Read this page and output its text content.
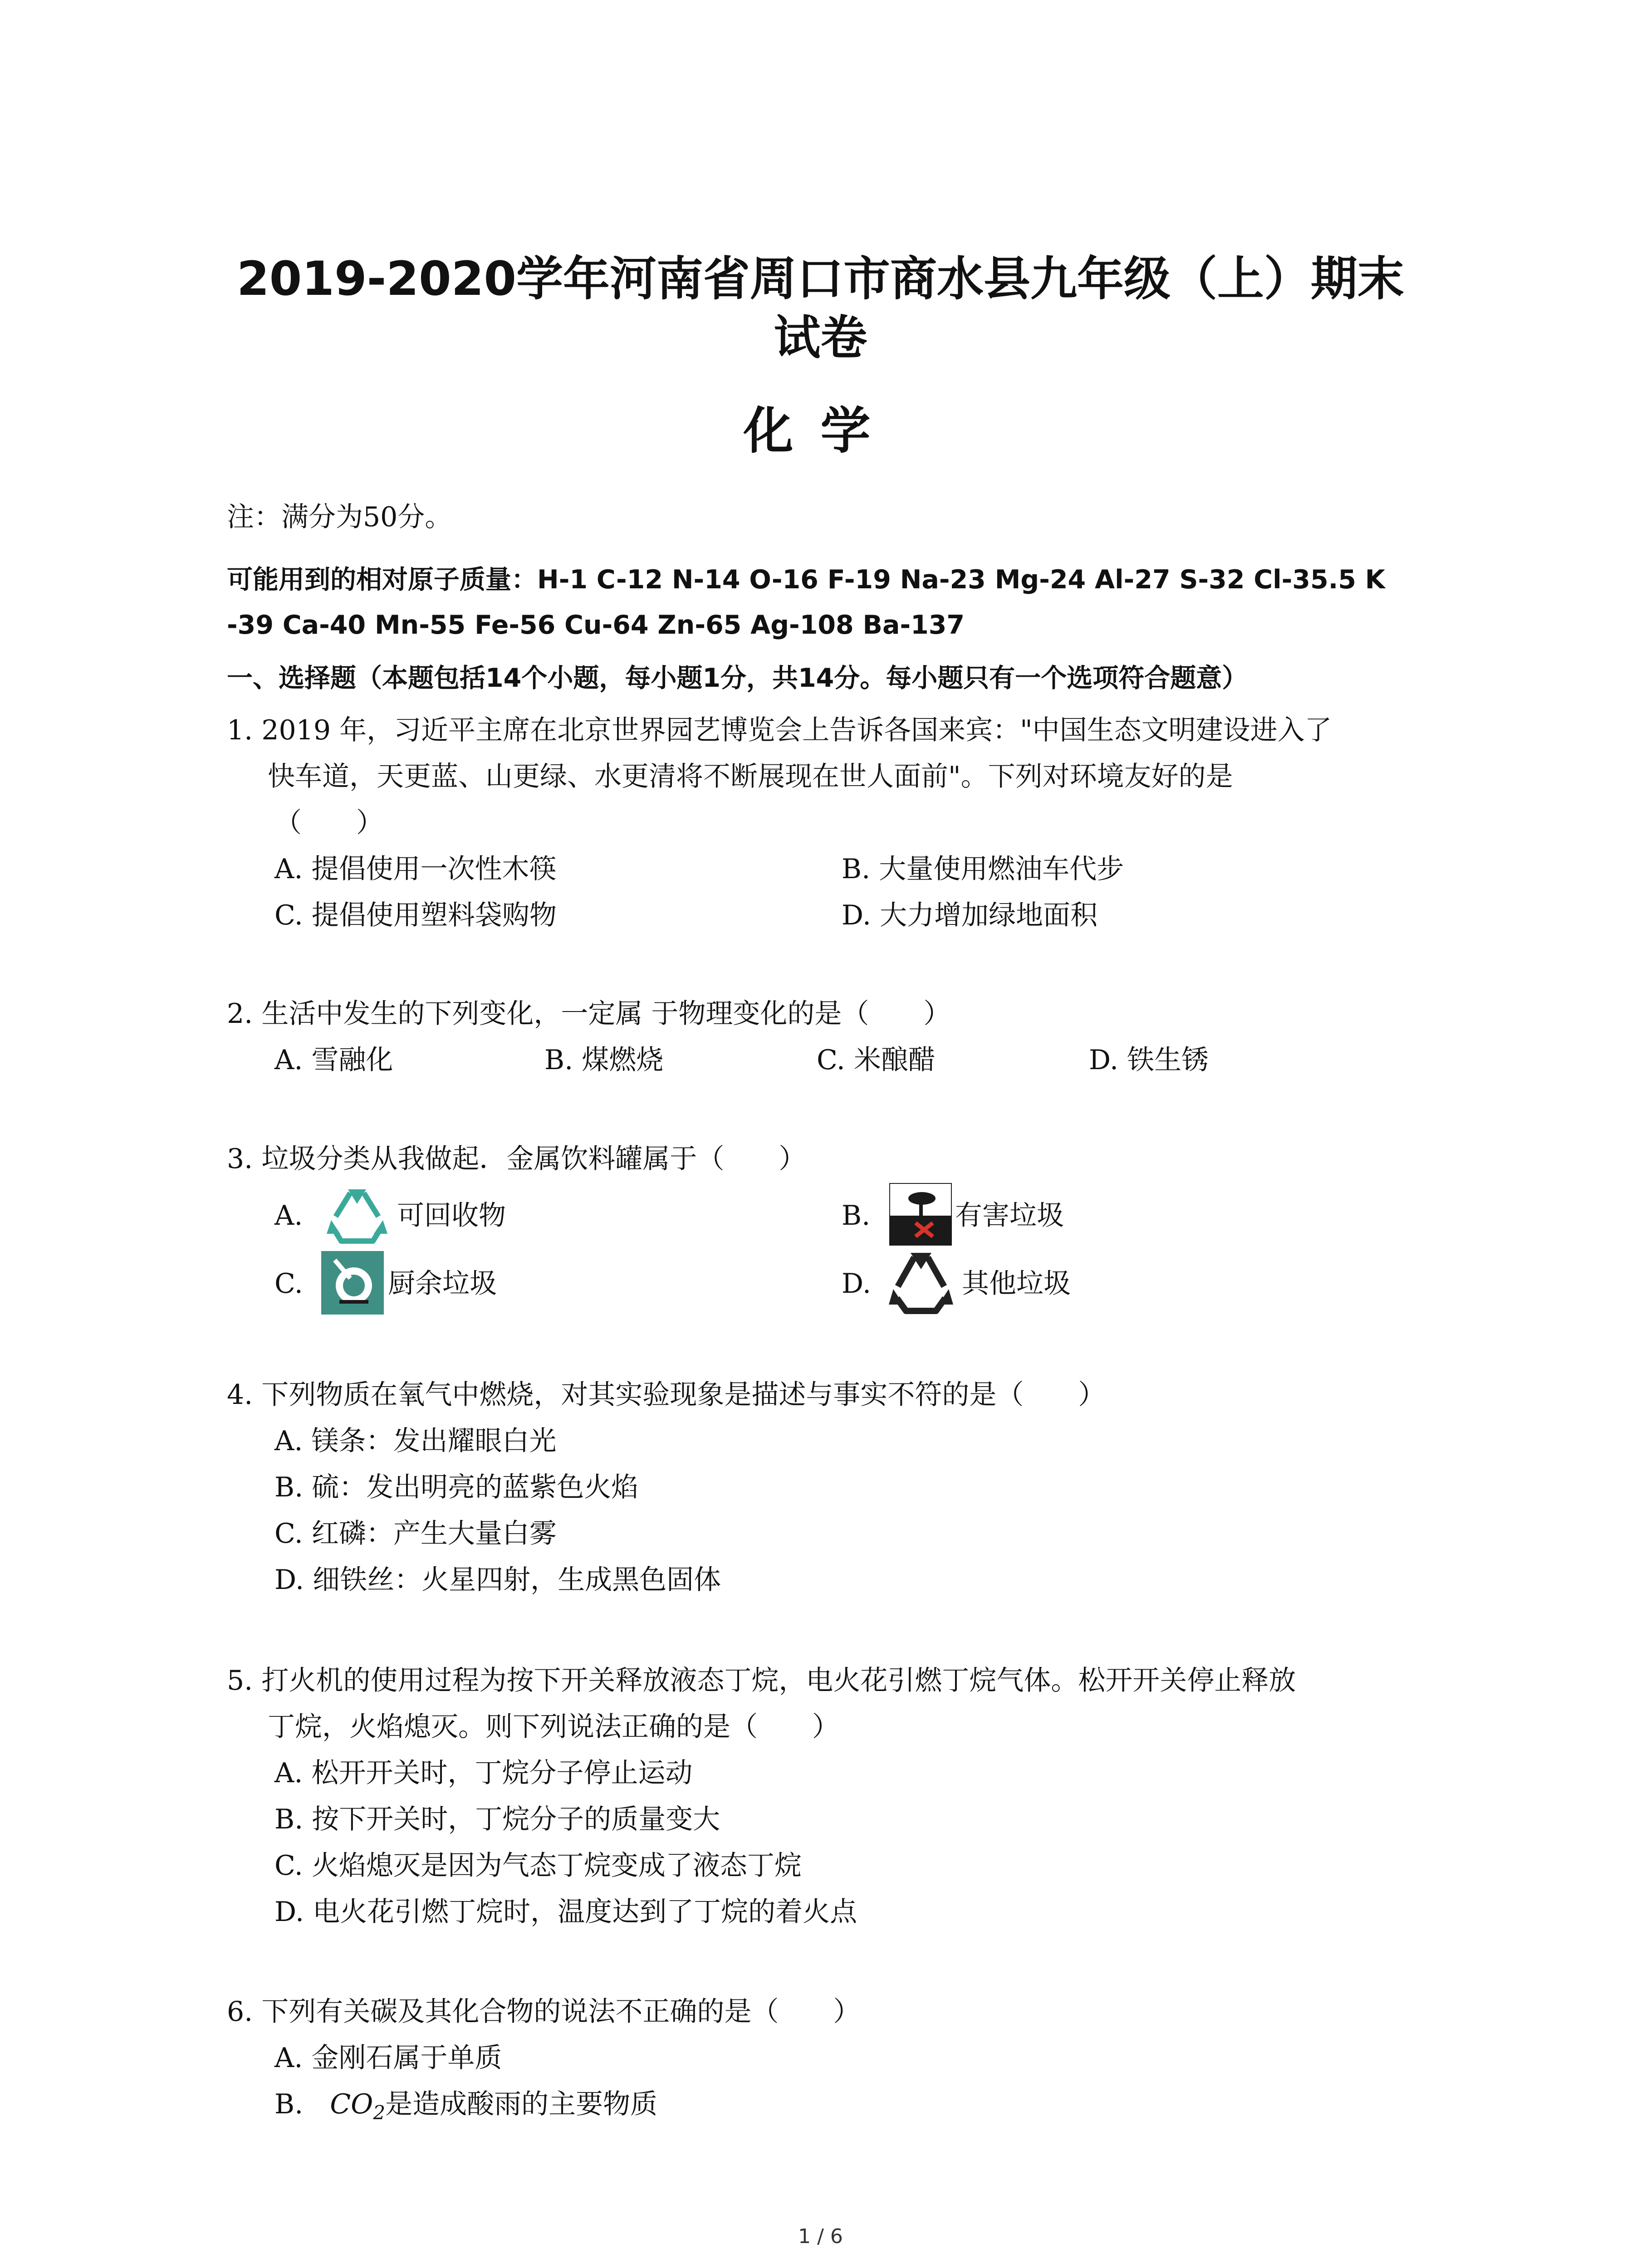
2019-2020学年河南省周口市商水县九年级（上）期末
试卷
化学
注：满分为50分。
可能用到的相对原子质量：H-1 C-12 N-14 O-16 F-19 Na-23 Mg-24 Al-27 S-32 Cl-35.5 K
-39 Ca-40 Mn-55 Fe-56 Cu-64 Zn-65 Ag-108 Ba-137
一、选择题（本题包括14个小题，每小题1分，共14分。每小题只有一个选项符合题意）
1. 2019 年，习近平主席在北京世界园艺博览会上告诉各国来宾："中国生态文明建设进入了
快车道，天更蓝、山更绿、水更清将不断展现在世人面前"。下列对环境友好的是
（　　）
A. 提倡使用一次性木筷	B. 大量使用燃油车代步
C. 提倡使用塑料袋购物	D. 大力增加绿地面积
2. 生活中发生的下列变化，一定属 于物理变化的是（　　）
A. 雪融化	B. 煤燃烧	C. 米酿醋	D. 铁生锈
3. 垃圾分类从我做起．金属饮料罐属于（　　）
A.	可回收物	B.	有害垃圾
C.	厨余垃圾	D.	其他垃圾
4. 下列物质在氧气中燃烧，对其实验现象是描述与事实不符的是（　　）
A. 镁条：发出耀眼白光
B. 硫：发出明亮的蓝紫色火焰
C. 红磷：产生大量白雾
D. 细铁丝：火星四射，生成黑色固体
5. 打火机的使用过程为按下开关释放液态丁烷，电火花引燃丁烷气体。松开开关停止释放
丁烷，火焰熄灭。则下列说法正确的是（　　）
A. 松开开关时，丁烷分子停止运动
B. 按下开关时，丁烷分子的质量变大
C. 火焰熄灭是因为气态丁烷变成了液态丁烷
D. 电火花引燃丁烷时，温度达到了丁烷的着火点
6. 下列有关碳及其化合物的说法不正确的是（　　）
A. 金刚石属于单质
B. $CO_2$是造成酸雨的主要物质
1 / 6
